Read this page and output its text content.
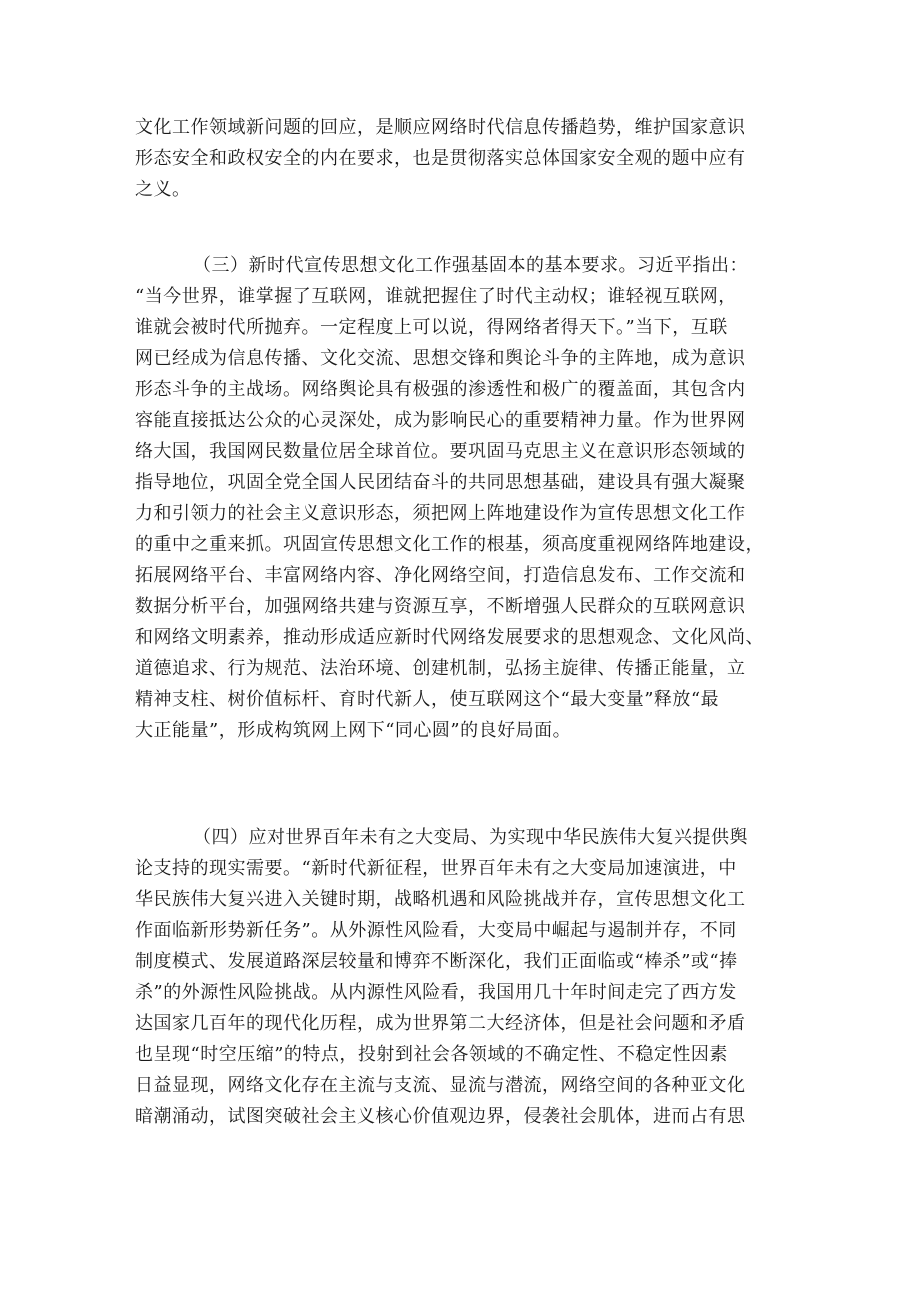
文化工作领域新问题的回应，是顺应网络时代信息传播趋势，维护国家意识
形态安全和政权安全的内在要求，也是贯彻落实总体国家安全观的题中应有
之义。
（三）新时代宣传思想文化工作强基固本的基本要求。习近平指出：
“当今世界，谁掌握了互联网，谁就把握住了时代主动权；谁轻视互联网，
谁就会被时代所抛弃。一定程度上可以说，得网络者得天下。”当下，互联
网已经成为信息传播、文化交流、思想交锋和舆论斗争的主阵地，成为意识
形态斗争的主战场。网络舆论具有极强的渗透性和极广的覆盖面，其包含内
容能直接抵达公众的心灵深处，成为影响民心的重要精神力量。作为世界网
络大国，我国网民数量位居全球首位。要巩固马克思主义在意识形态领域的
指导地位，巩固全党全国人民团结奋斗的共同思想基础，建设具有强大凝聚
力和引领力的社会主义意识形态，须把网上阵地建设作为宣传思想文化工作
的重中之重来抓。巩固宣传思想文化工作的根基，须高度重视网络阵地建设，
拓展网络平台、丰富网络内容、净化网络空间，打造信息发布、工作交流和
数据分析平台，加强网络共建与资源互享，不断增强人民群众的互联网意识
和网络文明素养，推动形成适应新时代网络发展要求的思想观念、文化风尚、
道德追求、行为规范、法治环境、创建机制，弘扬主旋律、传播正能量，立
精神支柱、树价值标杆、育时代新人，使互联网这个“最大变量”释放“最
大正能量”，形成构筑网上网下“同心圆”的良好局面。
（四）应对世界百年未有之大变局、为实现中华民族伟大复兴提供舆
论支持的现实需要。“新时代新征程，世界百年未有之大变局加速演进，中
华民族伟大复兴进入关键时期，战略机遇和风险挑战并存，宣传思想文化工
作面临新形势新任务”。从外源性风险看，大变局中崛起与遏制并存，不同
制度模式、发展道路深层较量和博弈不断深化，我们正面临或“棒杀”或“捧
杀”的外源性风险挑战。从内源性风险看，我国用几十年时间走完了西方发
达国家几百年的现代化历程，成为世界第二大经济体，但是社会问题和矛盾
也呈现“时空压缩”的特点，投射到社会各领域的不确定性、不稳定性因素
日益显现，网络文化存在主流与支流、显流与潜流，网络空间的各种亚文化
暗潮涌动，试图突破社会主义核心价值观边界，侵袭社会肌体，进而占有思
